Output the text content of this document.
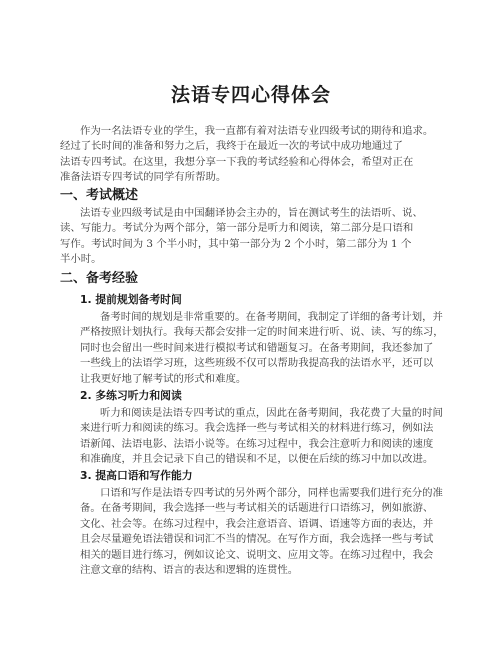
法语专四心得体会
作为一名法语专业的学生，我一直都有着对法语专业四级考试的期待和追求。
经过了长时间的准备和努力之后，我终于在最近一次的考试中成功地通过了
法语专四考试。在这里，我想分享一下我的考试经验和心得体会，希望对正在
准备法语专四考试的同学有所帮助。
一、考试概述
法语专业四级考试是由中国翻译协会主办的，旨在测试考生的法语听、说、
读、写能力。考试分为两个部分，第一部分是听力和阅读，第二部分是口语和
写作。考试时间为 3 个半小时，其中第一部分为 2 个小时，第二部分为 1 个
半小时。
二、备考经验
1. 提前规划备考时间
备考时间的规划是非常重要的。在备考期间，我制定了详细的备考计划，并
严格按照计划执行。我每天都会安排一定的时间来进行听、说、读、写的练习，
同时也会留出一些时间来进行模拟考试和错题复习。在备考期间，我还参加了
一些线上的法语学习班，这些班级不仅可以帮助我提高我的法语水平，还可以
让我更好地了解考试的形式和难度。
2. 多练习听力和阅读
听力和阅读是法语专四考试的重点，因此在备考期间，我花费了大量的时间
来进行听力和阅读的练习。我会选择一些与考试相关的材料进行练习，例如法
语新闻、法语电影、法语小说等。在练习过程中，我会注意听力和阅读的速度
和准确度，并且会记录下自己的错误和不足，以便在后续的练习中加以改进。
3. 提高口语和写作能力
口语和写作是法语专四考试的另外两个部分，同样也需要我们进行充分的准
备。在备考期间，我会选择一些与考试相关的话题进行口语练习，例如旅游、
文化、社会等。在练习过程中，我会注意语音、语调、语速等方面的表达，并
且会尽量避免语法错误和词汇不当的情况。在写作方面，我会选择一些与考试
相关的题目进行练习，例如议论文、说明文、应用文等。在练习过程中，我会
注意文章的结构、语言的表达和逻辑的连贯性。
